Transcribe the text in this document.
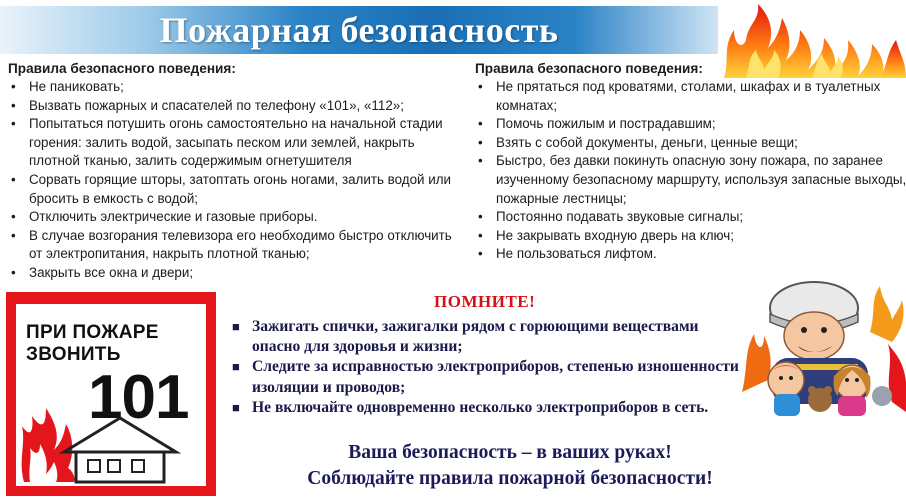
Пожарная безопасность
Правила безопасного поведения:
• Не паниковать;
• Вызвать пожарных и спасателей по телефону «101», «112»;
• Попытаться потушить огонь самостоятельно на начальной стадии горения: залить водой, засыпать песком или землей, накрыть плотной тканью, залить содержимым огнетушителя
• Сорвать горящие шторы, затоптать огонь ногами, залить водой или бросить в емкость с водой;
• Отключить электрические и газовые приборы.
• В случае возгорания телевизора его необходимо быстро отключить от электропитания, накрыть плотной тканью;
• Закрыть все окна и двери;
Правила безопасного поведения:
• Не прятаться под кроватями, столами, шкафах и в туалетных комнатах;
• Помочь пожилым и пострадавшим;
• Взять с собой документы, деньги, ценные вещи;
• Быстро, без давки покинуть опасную зону пожара, по заранее изученному безопасному маршруту, используя запасные выходы, пожарные лестницы;
• Постоянно подавать звуковые сигналы;
• Не закрывать входную дверь на ключ;
• Не пользоваться лифтом.
ПРИ ПОЖАРЕ
ЗВОНИТЬ
101
ПОМНИТЕ!
■ Зажигать спички, зажигалки рядом с горюющими веществами опасно для здоровья и жизни;
■ Следите за исправностью электроприборов, степенью изношенности изоляции и проводов;
■ Не включайте одновременно несколько электроприборов в сеть.
Ваша безопасность – в ваших руках!
Соблюдайте правила пожарной безопасности!
